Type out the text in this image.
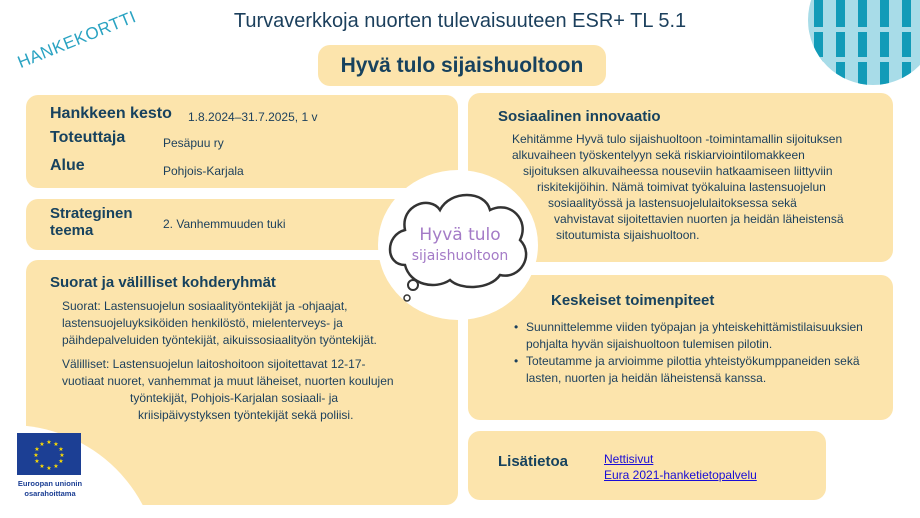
HANKEKORTTI	Turvaverkkoja nuorten tulevaisuuteen ESR+ TL 5.1
Hyvä tulo sijaishuoltoon
Hankkeen kesto 1.8.2024–31.7.2025, 1 v
Toteuttaja	Pesäpuu ry
Alue	Pohjois-Karjala
Strateginen
teema	2. Vanhemmuuden tuki
Suorat ja välilliset kohderyhmät
Suorat: Lastensuojelun sosiaalityöntekijät ja -ohjaajat,
lastensuojeluyksiköiden henkilöstö, mielenterveys- ja
päihdepalveluiden työntekijät, aikuissosiaalityön työntekijät.
Välilliset: Lastensuojelun laitoshoitoon sijoitettavat 12-17-
vuotiaat nuoret, vanhemmat ja muut läheiset, nuorten koulujen
työntekijät, Pohjois-Karjalan sosiaali- ja
kriisipäivystyksen työntekijät sekä poliisi.
Sosiaalinen innovaatio
Kehitämme Hyvä tulo sijaishuoltoon -toimintamallin sijoituksen
alkuvaiheen työskentelyyn sekä riskiarviointilomakkeen
sijoituksen alkuvaiheessa nouseviin hatkaamiseen liittyviin
riskitekijöihin. Nämä toimivat työkaluina lastensuojelun
sosiaalityössä ja lastensuojelulaitoksessa sekä
vahvistavat sijoitettavien nuorten ja heidän läheistensä
sitoutumista sijaishuoltoon.
Keskeiset toimenpiteet
• Suunnittelemme viiden työpajan ja yhteiskehittämistilaisuuksien pohjalta hyvän sijaishuoltoon tulemisen pilotin.
• Toteutamme ja arvioimme pilottia yhteistyökumppaneiden sekä lasten, nuorten ja heidän läheistensä kanssa.
Lisätietoa	Nettisivut
Eura 2021-hanketietopalvelu
Hyvä tulo
sijaishuoltoon
★ ★
★
★
★
★
★
★
★
★
★
★
Euroopan unionin
osarahoittama
